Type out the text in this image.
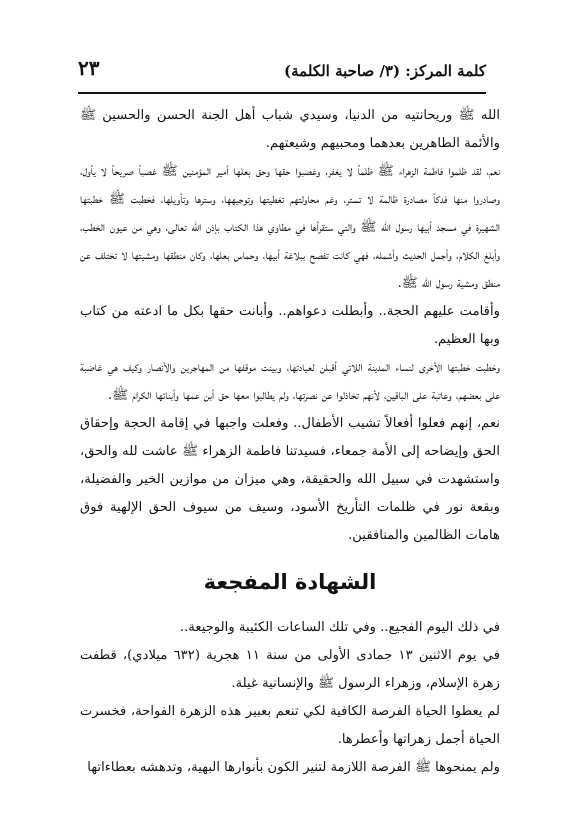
٢٣	كلمة المركز: (٣/ صاحبة الكلمة)

الله ﷺ وريحانتيه من الدنيا، وسيدي شباب أهل الجنة الحسن والحسين ﷺ والأئمة الطاهرين بعدهما ومحبيهم وشيعتهم.

نعم، لقد ظلموا فاطمة الزهراء ﷺ ظلماً لا يغفر، وغصبوا حقها وحق بعلها أمير المؤمنين ﷺ غصباً صريحاً لا يأول، وصادروا منها فدكاً مصادرة ظالمة لا تستر، وغم محاولتهم تغطيتها وتوجيهها، وسترها وتأويلها، فخطبت ﷺ خطبتها الشهيرة في مسجد أبيها رسول الله ﷺ والتي ستقرأها في مطاوي هذا الكتاب بإذن الله تعالى، وهي من عيون الخطب، وأبلغ الكلام، وأجمل الحديث وأشمله، فهي كانت تفصح ببلاغة أبيها، وحماس بعلها، وكان منطقها ومشيتها لا تختلف عن منطق ومشية رسول الله ﷺ.

وأقامت عليهم الحجة.. وأبطلت دعواهم.. وأبانت حقها بكل ما ادعته من كتاب وبها العظيم.

وخطبت خطبتها الأخرى لنساء المدينة اللاتي أقبلن لعيادتها، وبينت موقفها من المهاجرين والأنصار وكيف هي غاضبة على بعضهم، وعاتبة على الباقين، لأنهم تخاذلوا عن نصرتها، ولم يطالبوا معها حق أبن عمها وأبنائها الكرام ﷺ.

نعم، إنهم فعلوا أفعالاً تشيب الأطفال.. وفعلت واجبها في إقامة الحجة وإحقاق الحق وإيضاحه إلى الأمة جمعاء، فسيدتنا فاطمة الزهراء ﷺ عاشت لله والحق، واستشهدت في سبيل الله والحقيقة، وهي ميزان من موازين الخير والفضيلة، وبقعة نور في ظلمات التأريخ الأسود، وسيف من سيوف الحق الإلهية فوق هامات الظالمين والمنافقين.

الشهادة المفجعة

في ذلك اليوم الفجيع.. وفي تلك الساعات الكئيبة والوجيعة..

في يوم الاثنين ١٣ جمادى الأولى من سنة ١١ هجرية (٦٣٢ ميلادي)، قطفت زهرة الإسلام، وزهراء الرسول ﷺ والإنسانية غيلة.

لم يعطوا الحياة الفرصة الكافية لكي تنعم بعبير هذه الزهرة الفواحة، فخسرت الحياة أجمل زهراتها وأعطرها.

ولم يمنحوها ﷺ الفرصة اللازمة لتنير الكون بأنوارها البهية، وتدهشه بعطاءاتها
